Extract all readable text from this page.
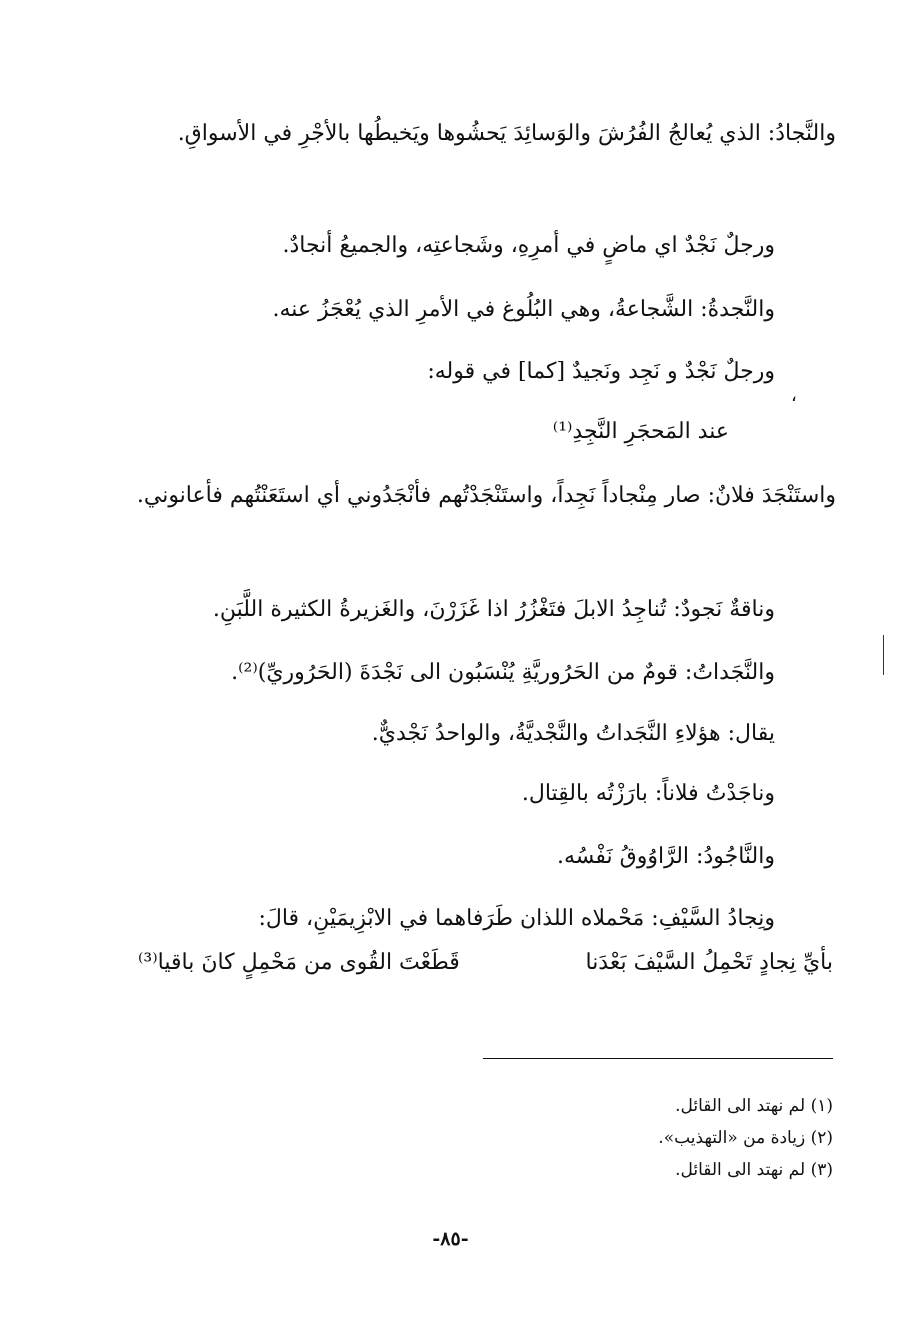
والنَّجادُ: الذي يُعالجُ الفُرُشَ والوَسائِدَ يَحشُوها ويَخيطُها بالأجْرِ في الأسواقِ.
ورجلٌ نَجْدٌ اي ماضٍ في أمرِهِ، وشَجاعتِه، والجميعُ أنجادٌ.
والنَّجدةُ: الشَّجاعةُ، وهي البُلُوغ في الأمرِ الذي يُعْجَزُ عنه.
ورجلٌ نَجْدٌ و نَجِد ونَجيدٌ [كما] في قوله:
،
عند المَحجَرِ النَّجِدِ⁽¹⁾
واستَنْجَدَ فلانٌ: صار مِنْجاداً نَجِداً، واستَنْجَدْتُهم فأنْجَدُوني أي استَعَنْتُهم فأعانوني.
وناقةٌ نَجودٌ: تُناجِدُ الابلَ فتَغْزُرُ اذا غَزَرْنَ، والغَزيرةُ الكثيرة اللَّبَنِ.
والنَّجَداتُ: قومٌ من الحَرُوريَّةِ يُنْسَبُون الى نَجْدَةَ (الحَرُوريِّ)⁽²⁾.
يقال: هؤلاءِ النَّجَداتُ والنَّجْديَّةُ، والواحدُ نَجْديٌّ.
وناجَدْتُ فلاناً: بارَزْتُه بالقِتال.
والنَّاجُودُ: الرَّاوُوقُ نَفْسُه.
ونِجادُ السَّيْفِ: مَحْملاه اللذان طَرَفاهما في الابْزِيمَيْنِ، قالَ:
بأيِّ نِجادٍ تَحْمِلُ السَّيْفَ بَعْدَنا
قَطَعْتَ القُوى من مَحْمِلٍ كانَ باقيا⁽³⁾
(١) لم نهتد الى القائل.
(٢) زيادة من «التهذيب».
(٣) لم نهتد الى القائل.
-٨٥-
